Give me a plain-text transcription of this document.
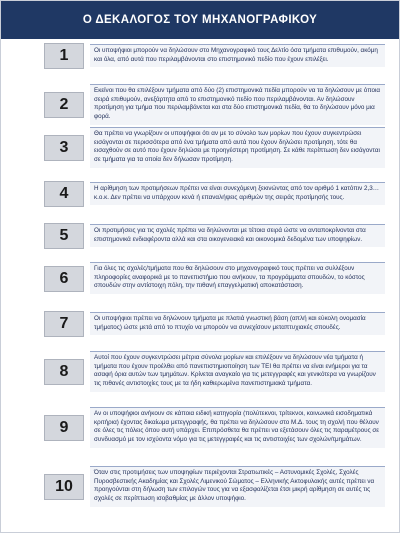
Ο ΔΕΚΑΛΟΓΟΣ ΤΟΥ ΜΗΧΑΝΟΓΡΑΦΙΚΟΥ
1	Οι υποψήφιοι μπορούν να δηλώσουν στο Μηχανογραφικό τους Δελτίο όσα τμήματα επιθυμούν, ακόμη και όλα, από αυτά που περιλαμβάνονται στο επιστημονικό πεδίο που έχουν επιλέξει.
2
Εκείνοι που θα επιλέξουν τμήματα από δύο (2) επιστημονικά πεδία μπορούν να τα δηλώσουν με όποια σειρά επιθυμούν, ανεξάρτητα από το επιστημονικό πεδίο που περιλαμβάνονται. Αν δηλώσουν προτίμηση για τμήμα που περιλαμβάνεται και στα δύο επιστημονικά πεδία, θα το δηλώσουν μόνο μια φορά.
3
Θα πρέπει να γνωρίζουν οι υποψήφιοι ότι αν με το σύνολο των μορίων που έχουν συγκεντρώσει εισάγονται σε περισσότερα από ένα τμήματα από αυτά που έχουν δηλώσει προτίμηση, τότε θα εισαχθούν σε αυτό που έχουν δηλώσει με προηγέστερη προτίμηση. Σε κάθε περίπτωση δεν εισάγονται σε τμήματα για τα οποία δεν δήλωσαν προτίμηση.
4	Η αρίθμηση των προτιμήσεων πρέπει να είναι συνεχόμενη ξεκινώντας από τον αριθμό 1 κατόπιν 2,3… κ.ο.κ. Δεν πρέπει να υπάρχουν κενά ή επαναλήψεις αριθμών της σειράς προτίμησής τους.
5	Οι προτιμήσεις για τις σχολές πρέπει να δηλώνονται με τέτοια σειρά ώστε να ανταποκρίνονται στα επιστημονικά ενδιαφέροντα αλλά και στα οικογενειακά και οικονομικά δεδομένα των υποψηφίων.
6
Για όλες τις σχολές/τμήματα που θα δηλώσουν στο μηχανογραφικό τους πρέπει να συλλέξουν πληροφορίες αναφορικά με το πανεπιστήμιο που ανήκουν, τα προγράμματα σπουδών, το κόστος σπουδών στην αντίστοιχη πόλη, την πιθανή επαγγελματική αποκατάσταση.
7	Οι υποψήφιοι πρέπει να δηλώνουν τμήματα με πλατιά γνωστική βάση (απλή και εύκολη ονομασία τμήματος) ώστε μετά από το πτυχίο να μπορούν να συνεχίσουν μεταπτυχιακές σπουδές.
8
Αυτοί που έχουν συγκεντρώσει μέτρια σύνολα μορίων και επιλέξουν να δηλώσουν νέα τμήματα ή τμήματα που έχουν προέλθει από πανεπιστημιοποίηση των ΤΕΙ θα πρέπει να είναι ενήμεροι για τα ασαφή όρια αυτών των τμημάτων. Κρίνεται αναγκαίο για τις μετεγγραφές και γενικότερα να γνωρίζουν τις πιθανές αντιστοιχίες τους με τα ήδη καθιερωμένα πανεπιστημιακά τμήματα.
9
Αν οι υποψήφιοι ανήκουν σε κάποια ειδική κατηγορία (πολύτεκνοι, τρίτεκνοι, κοινωνικά εισοδηματικά κριτήρια) έχοντας δικαίωμα μετεγγραφής, θα πρέπει να δηλώσουν στο Μ.Δ. τους τη σχολή που θέλουν σε όλες τις πόλεις όπου αυτή υπάρχει. Επιπρόσθετα θα πρέπει να εξετάσουν όλες τις παραμέτρους σε συνδυασμό με τον ισχύοντα νόμο για τις μετεγγραφές και τις αντιστοιχίες των σχολών/τμημάτων.
10
Όταν στις προτιμήσεις των υποψηφίων περιέχονται Στρατιωτικές – Αστυνομικές Σχολές, Σχολές Πυροσβεστικής Ακαδημίας και Σχολές Λιμενικού Σώματος – Ελληνικής Ακτοφυλακής αυτές πρέπει να προηγούνται στη δήλωση των επιλογών τους για να εξασφαλίζεται έτσι μικρή αρίθμηση σε αυτές τις σχολές σε περίπτωση ισοβαθμίας με άλλον υποψήφιο.
